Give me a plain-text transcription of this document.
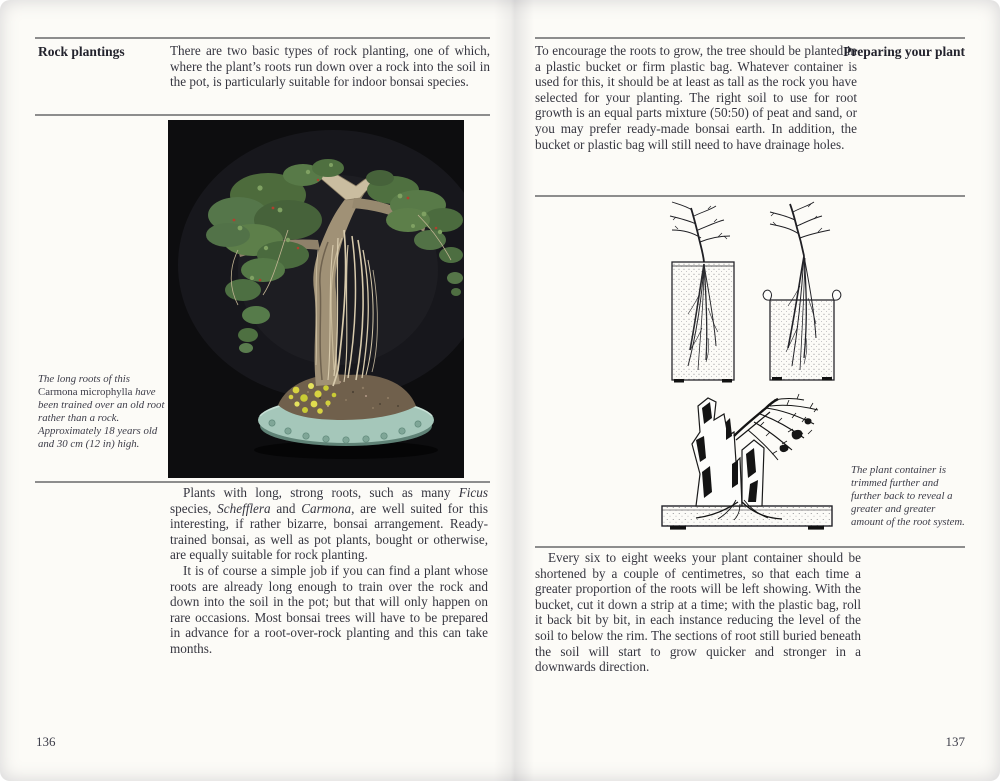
Rock plantings	There are two basic types of rock planting, one of which, where the plant’s roots run down over a rock into the soil in the pot, is particularly suitable for indoor bonsai species.
The long roots of this Carmona microphylla have been trained over an old root rather than a rock. Approximately 18 years old and 30 cm (12 in) high.

Plants with long, strong roots, such as many Ficus species, Schefflera and Carmona, are well suited for this interesting, if rather bizarre, bonsai arrangement. Ready-trained bonsai, as well as pot plants, bought or otherwise, are equally suitable for rock planting.

It is of course a simple job if you can find a plant whose roots are already long enough to train over the rock and down into the soil in the pot; but that will only happen on rare occasions. Most bonsai trees will have to be prepared in advance for a root-over-rock planting and this can take months.

136
To encourage the roots to grow, the tree should be planted in a plastic bucket or firm plastic bag. Whatever container is used for this, it should be at least as tall as the rock you have selected for your planting. The right soil to use for root growth is an equal parts mixture (50:50) of peat and sand, or you may prefer ready-made bonsai earth. In addition, the bucket or plastic bag will still need to have drainage holes.
Preparing your plant
The plant container is trimmed further and further back to reveal a greater and greater amount of the root system.

Every six to eight weeks your plant container should be shortened by a couple of centimetres, so that each time a greater proportion of the roots will be left showing. With the bucket, cut it down a strip at a time; with the plastic bag, roll it back bit by bit, in each instance reducing the level of the soil to below the rim. The sections of root still buried beneath the soil will start to grow quicker and stronger in a downwards direction.

137
